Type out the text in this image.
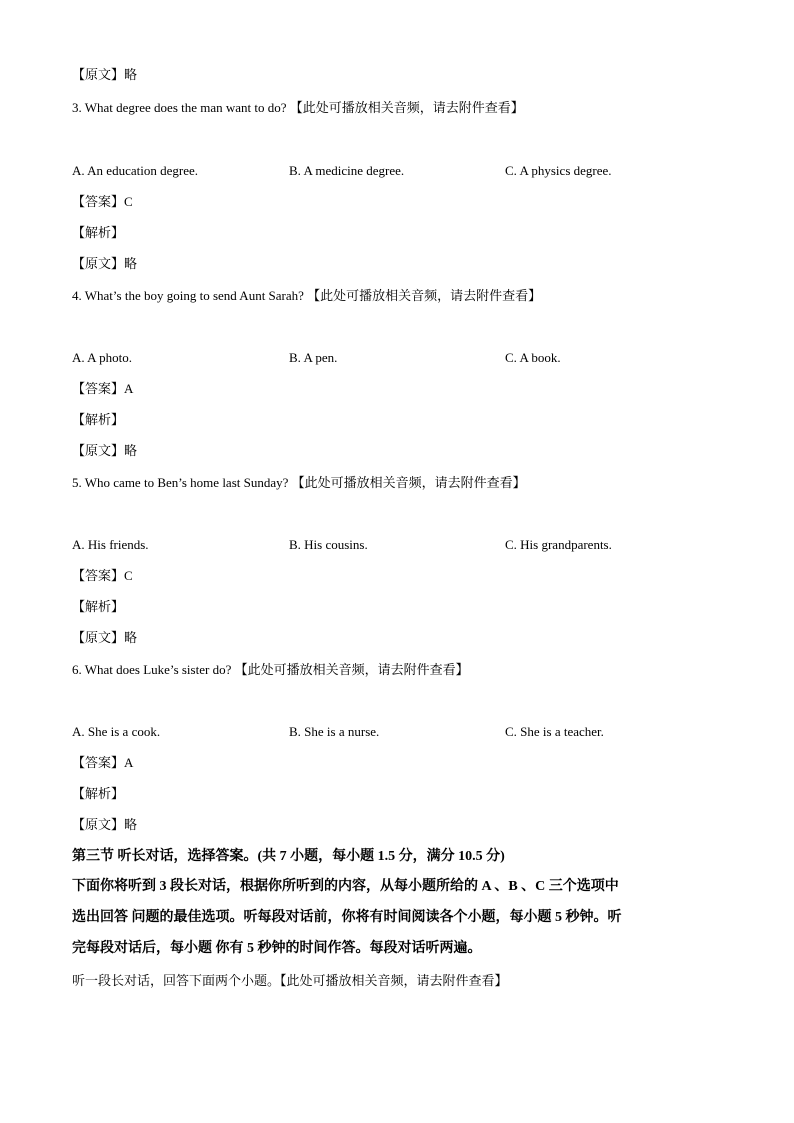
【原文】略
3. What degree does the man want to do? 【此处可播放相关音频，请去附件查看】
A. An education degree.	B. A medicine degree.	C. A physics degree.
【答案】C
【解析】
【原文】略
4. What’s the boy going to send Aunt Sarah? 【此处可播放相关音频，请去附件查看】
A. A photo.	B. A pen.	C. A book.
【答案】A
【解析】
【原文】略
5. Who came to Ben’s home last Sunday? 【此处可播放相关音频，请去附件查看】
A. His friends.	B. His cousins.	C. His grandparents.
【答案】C
【解析】
【原文】略
6. What does Luke’s sister do? 【此处可播放相关音频，请去附件查看】
A. She is a cook.	B. She is a nurse.	C. She is a teacher.
【答案】A
【解析】
【原文】略
第三节 听长对话，选择答案。(共 7 小题，每小题 1.5 分，满分 10.5 分)
下面你将听到 3 段长对话，根据你所听到的内容，从每小题所给的 A 、B 、C 三个选项中
选出回答 问题的最佳选项。听每段对话前，你将有时间阅读各个小题，每小题 5 秒钟。听
完每段对话后，每小题 你有 5 秒钟的时间作答。每段对话听两遍。
听一段长对话，回答下面两个小题。【此处可播放相关音频，请去附件查看】
